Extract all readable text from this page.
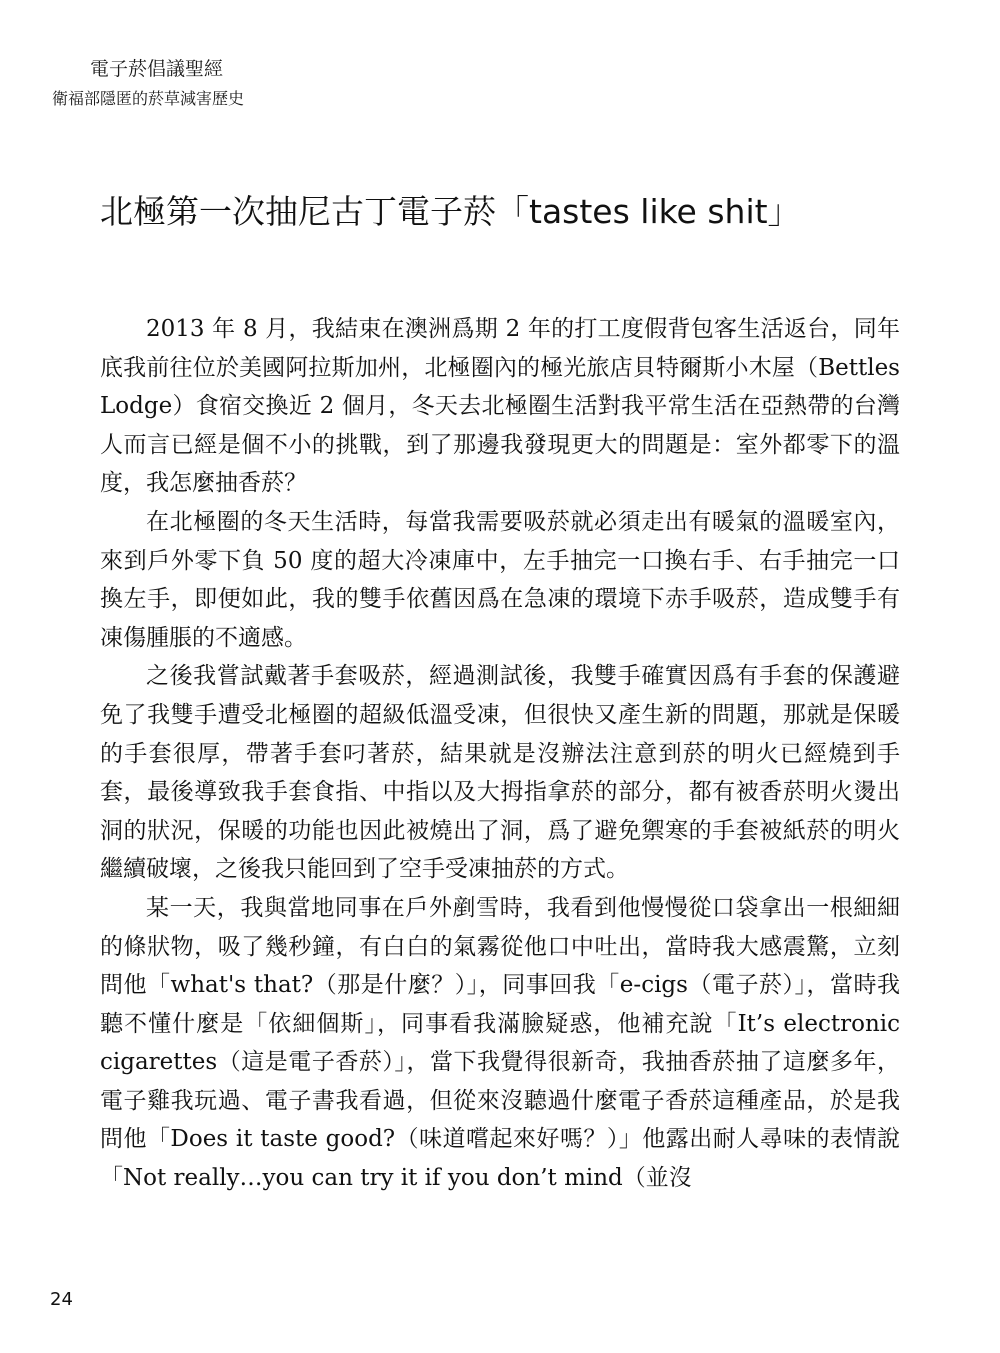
電子菸倡議聖經
衛福部隱匿的菸草減害歷史
北極第一次抽尼古丁電子菸「tastes like shit」

2013 年 8 月，我結束在澳洲爲期 2 年的打工度假背包客生活返台，同年底我前往位於美國阿拉斯加州，北極圈內的極光旅店貝特爾斯小木屋（Bettles Lodge）食宿交換近 2 個月，冬天去北極圈生活對我平常生活在亞熱帶的台灣人而言已經是個不小的挑戰，到了那邊我發現更大的問題是：室外都零下的溫度，我怎麼抽香菸？

在北極圈的冬天生活時，每當我需要吸菸就必須走出有暖氣的溫暖室內，來到戶外零下負 50 度的超大冷凍庫中，左手抽完一口換右手、右手抽完一口換左手，即便如此，我的雙手依舊因爲在急凍的環境下赤手吸菸，造成雙手有凍傷腫脹的不適感。

之後我嘗試戴著手套吸菸，經過測試後，我雙手確實因爲有手套的保護避免了我雙手遭受北極圈的超級低溫受凍，但很快又產生新的問題，那就是保暖的手套很厚，帶著手套叼著菸，結果就是沒辦法注意到菸的明火已經燒到手套，最後導致我手套食指、中指以及大拇指拿菸的部分，都有被香菸明火燙出洞的狀況，保暖的功能也因此被燒出了洞，爲了避免禦寒的手套被紙菸的明火繼續破壞，之後我只能回到了空手受凍抽菸的方式。

某一天，我與當地同事在戶外剷雪時，我看到他慢慢從口袋拿出一根細細的條狀物，吸了幾秒鐘，有白白的氣霧從他口中吐出，當時我大感震驚，立刻問他「what's that?（那是什麼？）」，同事回我「e-cigs（電子菸）」，當時我聽不懂什麼是「依細個斯」，同事看我滿臉疑惑，他補充說「It’s electronic cigarettes（這是電子香菸）」，當下我覺得很新奇，我抽香菸抽了這麼多年，電子雞我玩過、電子書我看過，但從來沒聽過什麼電子香菸這種產品，於是我問他「Does it taste good?（味道嚐起來好嗎？）」他露出耐人尋味的表情說「Not really…you can try it if you don’t mind（並沒

24
